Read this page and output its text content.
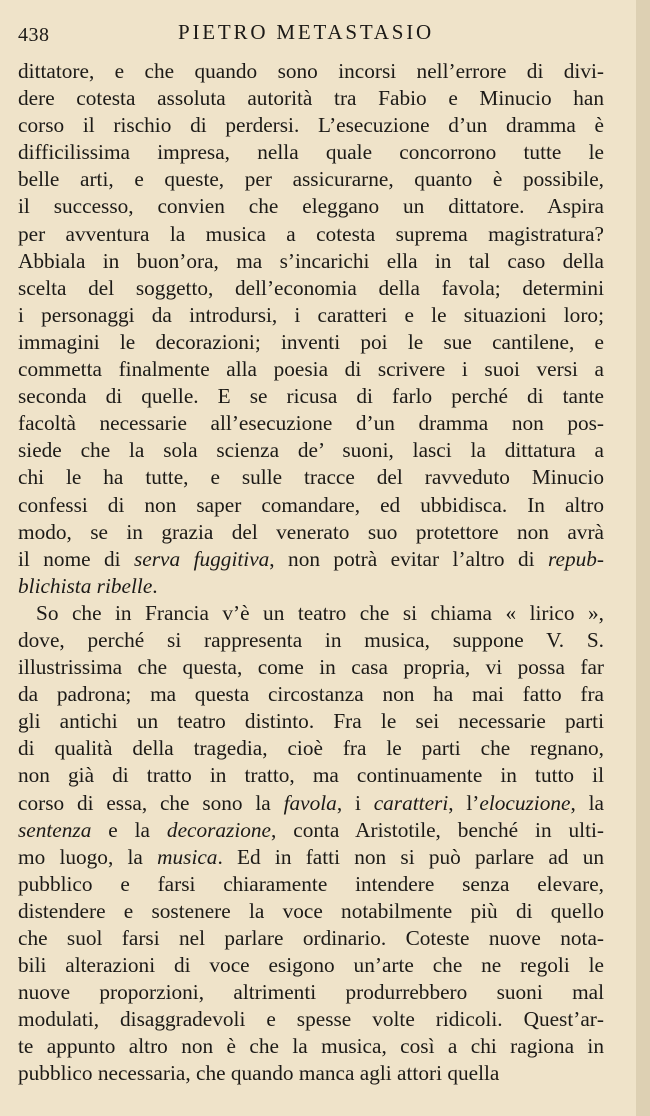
438	PIETRO METASTASIO
dittatore, e che quando sono incorsi nell’errore di divi‐
dere cotesta assoluta autorità tra Fabio e Minucio han
corso il rischio di perdersi. L’esecuzione d’un dramma è
difficilissima impresa, nella quale concorrono tutte le
belle arti, e queste, per assicurarne, quanto è possibile,
il successo, convien che eleggano un dittatore. Aspira
per avventura la musica a cotesta suprema magistratura?
Abbiala in buon’ora, ma s’incarichi ella in tal caso della
scelta del soggetto, dell’economia della favola; determini
i personaggi da introdursi, i caratteri e le situazioni loro;
immagini le decorazioni; inventi poi le sue cantilene, e
commetta finalmente alla poesia di scrivere i suoi versi a
seconda di quelle. E se ricusa di farlo perché di tante
facoltà necessarie all’esecuzione d’un dramma non pos‐
siede che la sola scienza de’ suoni, lasci la dittatura a
chi le ha tutte, e sulle tracce del ravveduto Minucio
confessi di non saper comandare, ed ubbidisca. In altro
modo, se in grazia del venerato suo protettore non avrà
il nome di serva fuggitiva, non potrà evitar l’altro di repub‐
blichista ribelle.
So che in Francia v’è un teatro che si chiama « lirico »,
dove, perché si rappresenta in musica, suppone V. S.
illustrissima che questa, come in casa propria, vi possa far
da padrona; ma questa circostanza non ha mai fatto fra
gli antichi un teatro distinto. Fra le sei necessarie parti
di qualità della tragedia, cioè fra le parti che regnano,
non già di tratto in tratto, ma continuamente in tutto il
corso di essa, che sono la favola, i caratteri, l’elocuzione, la
sentenza e la decorazione, conta Aristotile, benché in ulti‐
mo luogo, la musica. Ed in fatti non si può parlare ad un
pubblico e farsi chiaramente intendere senza elevare,
distendere e sostenere la voce notabilmente più di quello
che suol farsi nel parlare ordinario. Coteste nuove nota‐
bili alterazioni di voce esigono un’arte che ne regoli le
nuove proporzioni, altrimenti produrrebbero suoni mal
modulati, disaggradevoli e spesse volte ridicoli. Quest’ar‐
te appunto altro non è che la musica, così a chi ragiona in
pubblico necessaria, che quando manca agli attori quella
